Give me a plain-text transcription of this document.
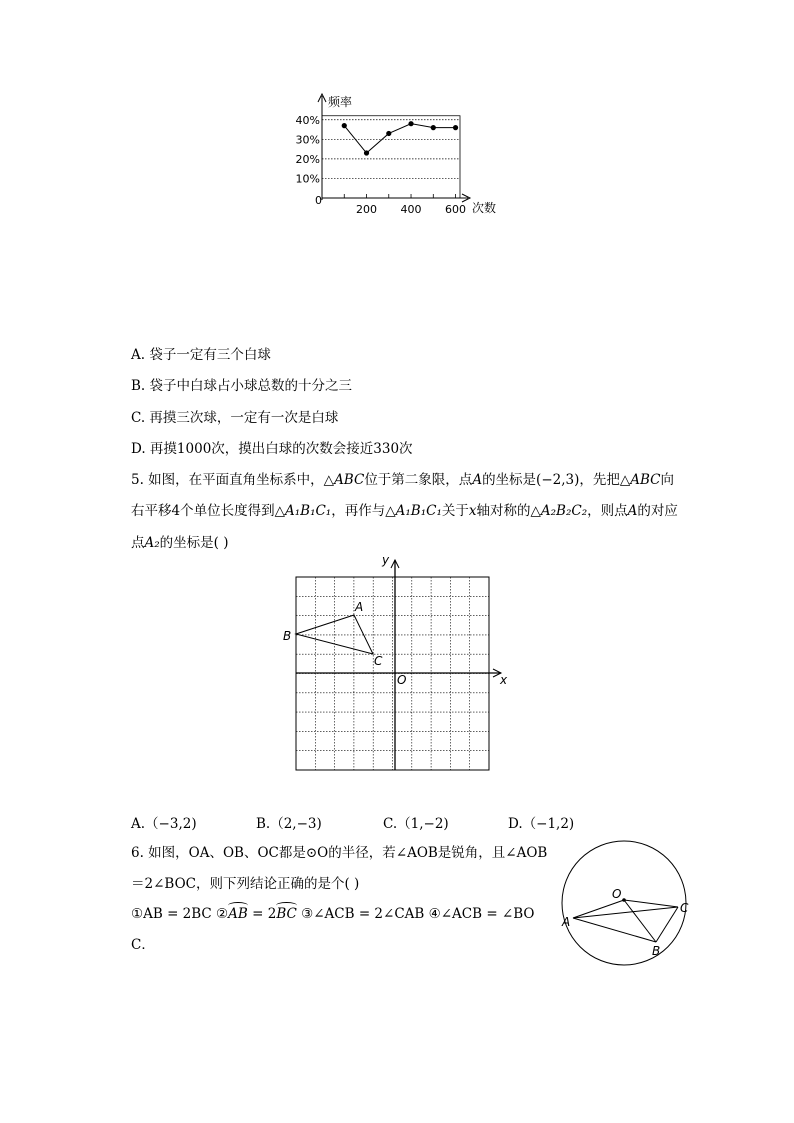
频率
次数
0
40%
30%
20%
10%
200 400 600
A. 袋子一定有三个白球
B. 袋子中白球占小球总数的十分之三
C. 再摸三次球，一定有一次是白球
D. 再摸1000次，摸出白球的次数会接近330次
5. 如图，在平面直角坐标系中，△ABC位于第二象限，点A的坐标是(−2,3)，先把△ABC向
右平移4个单位长度得到△A₁B₁C₁，再作与△A₁B₁C₁关于x轴对称的△A₂B₂C₂，则点A的对应
点A₂的坐标是( )
A
B
C
O	x
y
A.（−3,2)	B.（2,−3)	C.（1,−2)	D.（−1,2)
6. 如图，OA、OB、OC都是⊙O的半径，若∠AOB是锐角，且∠AOB
＝2∠BOC，则下列结论正确的是个( )
①AB = 2BC ②
AB = 2
BC ③∠ACB = 2∠CAB ④∠ACB = ∠BO
C．
O
A
B
C
